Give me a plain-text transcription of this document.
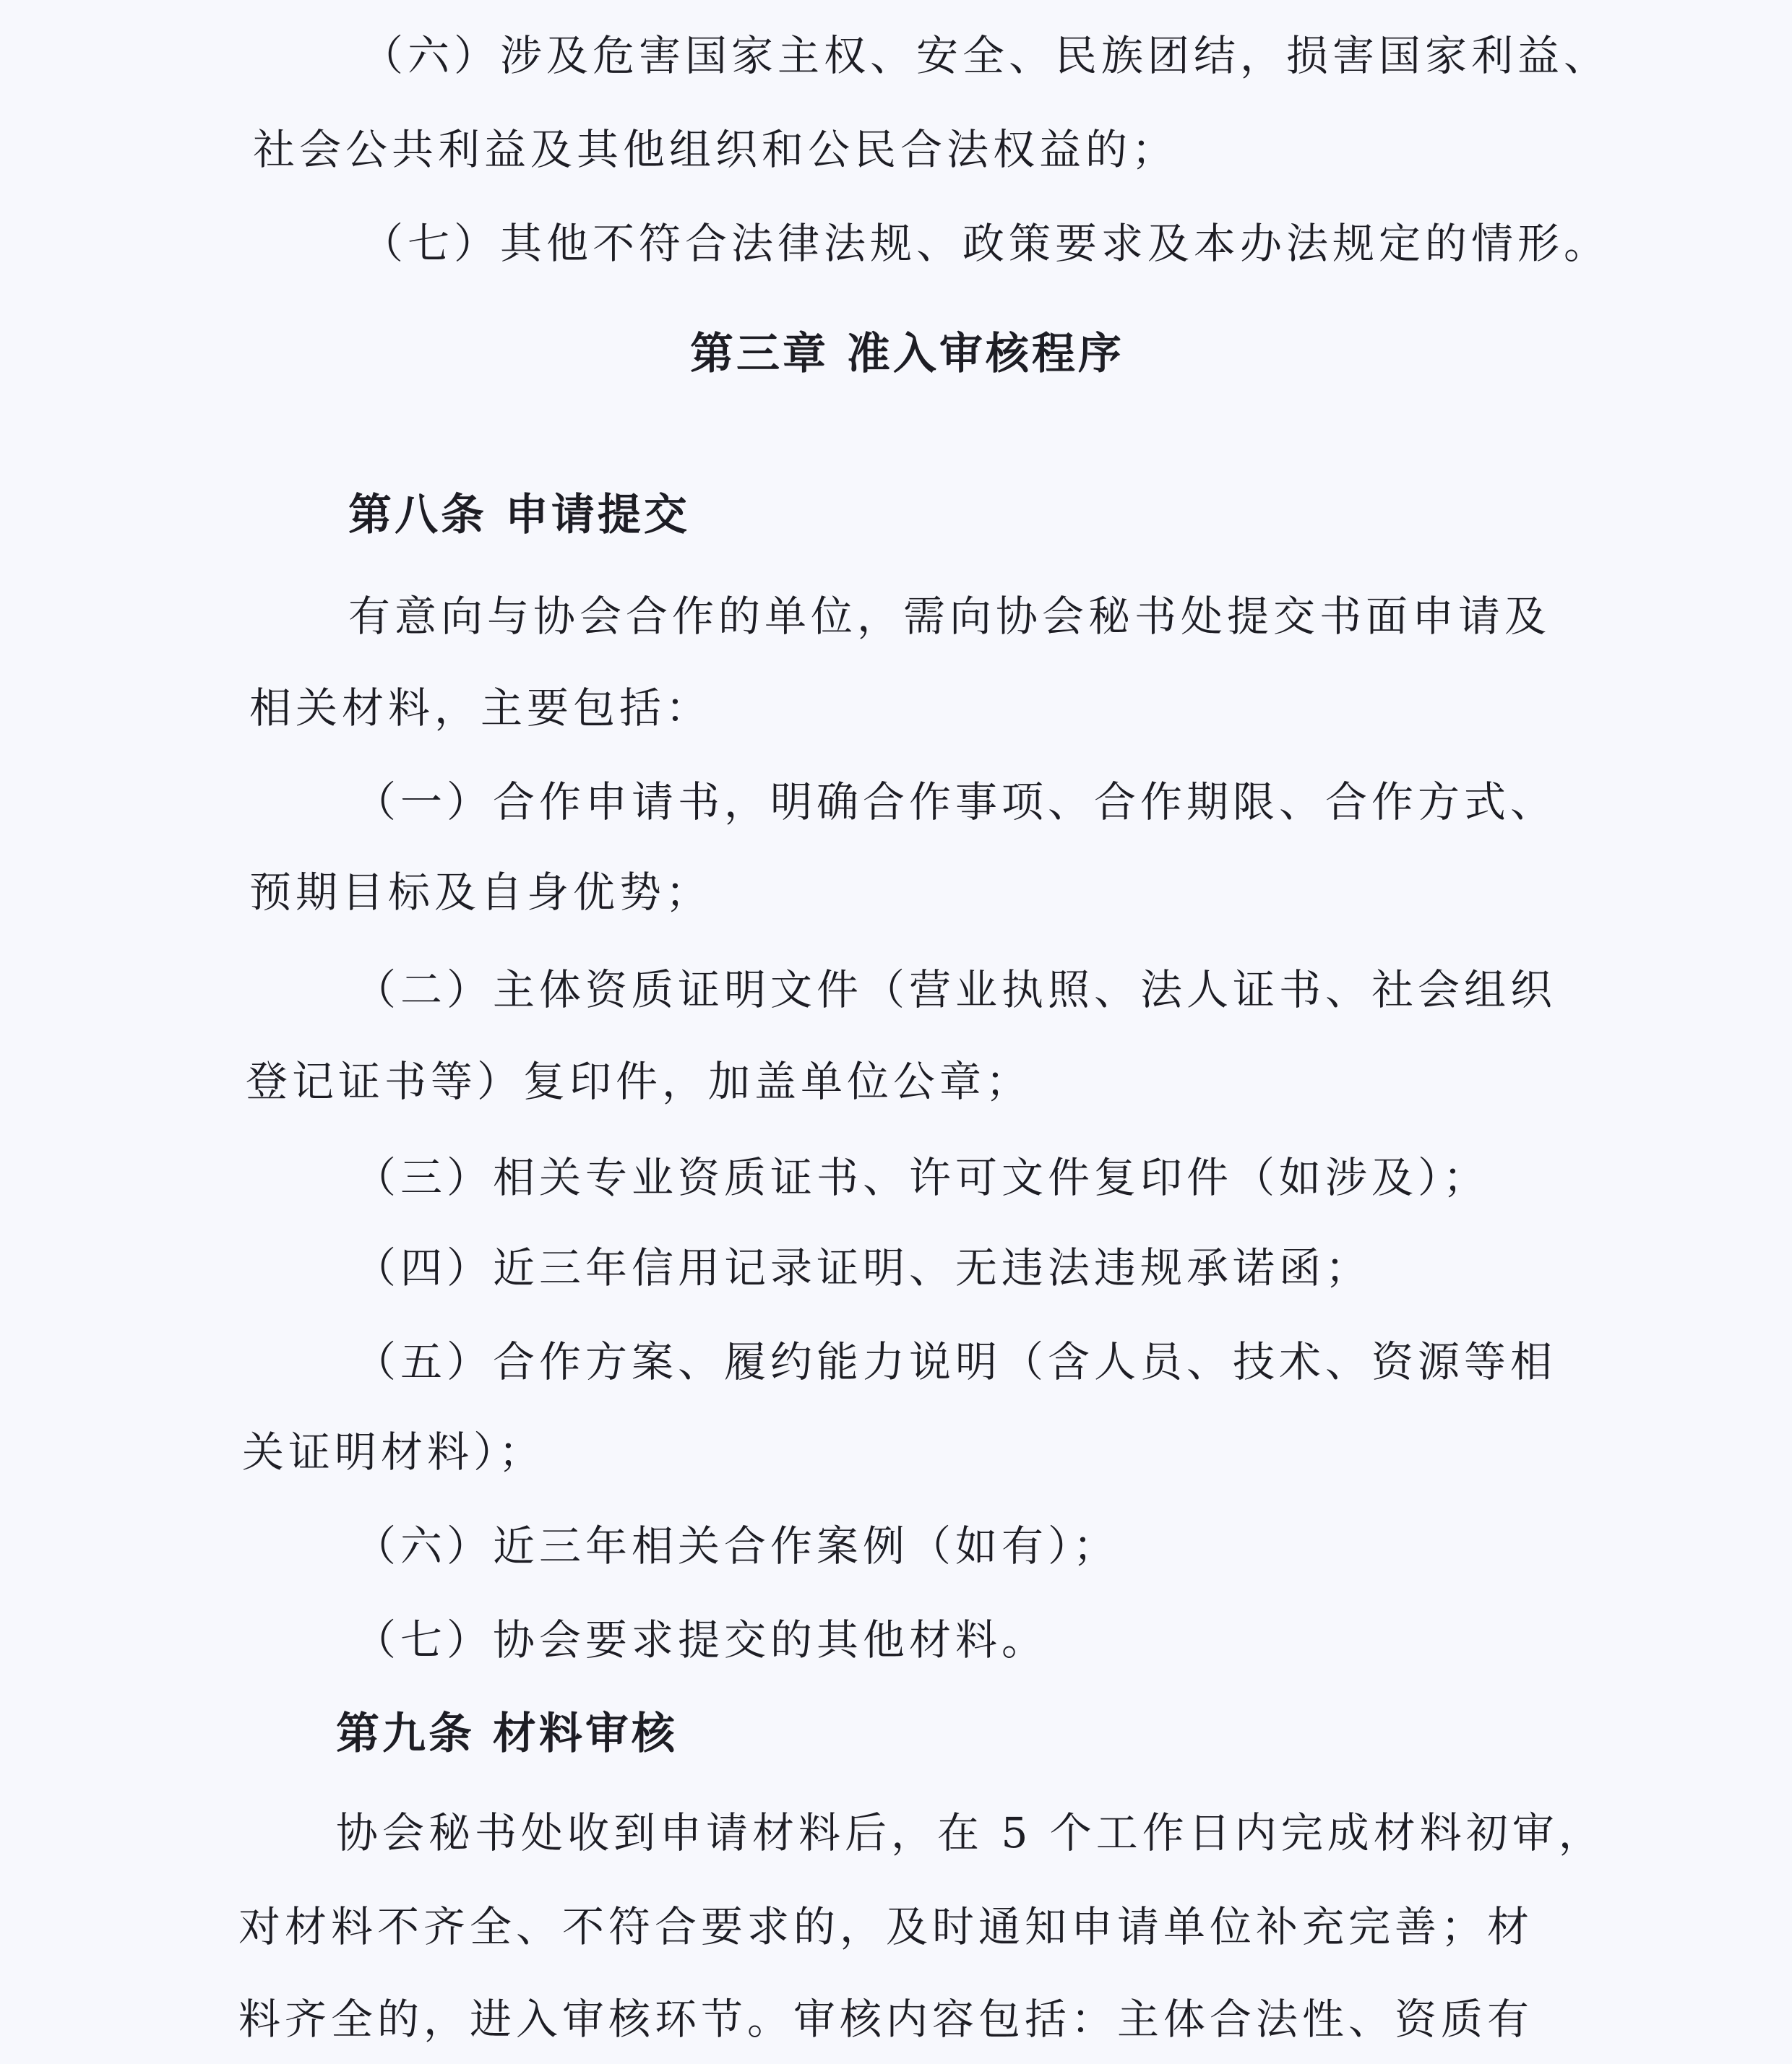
（六）涉及危害国家主权、安全、民族团结，损害国家利益、
社会公共利益及其他组织和公民合法权益的；
（七）其他不符合法律法规、政策要求及本办法规定的情形。
第三章 准入审核程序
第八条 申请提交
有意向与协会合作的单位，需向协会秘书处提交书面申请及
相关材料，主要包括：
（一）合作申请书，明确合作事项、合作期限、合作方式、
预期目标及自身优势；
（二）主体资质证明文件（营业执照、法人证书、社会组织
登记证书等）复印件，加盖单位公章；
（三）相关专业资质证书、许可文件复印件（如涉及）；
（四）近三年信用记录证明、无违法违规承诺函；
（五）合作方案、履约能力说明（含人员、技术、资源等相
关证明材料）；
（六）近三年相关合作案例（如有）；
（七）协会要求提交的其他材料。
第九条 材料审核
协会秘书处收到申请材料后，在 5 个工作日内完成材料初审，
对材料不齐全、不符合要求的，及时通知申请单位补充完善；材
料齐全的，进入审核环节。审核内容包括：主体合法性、资质有
